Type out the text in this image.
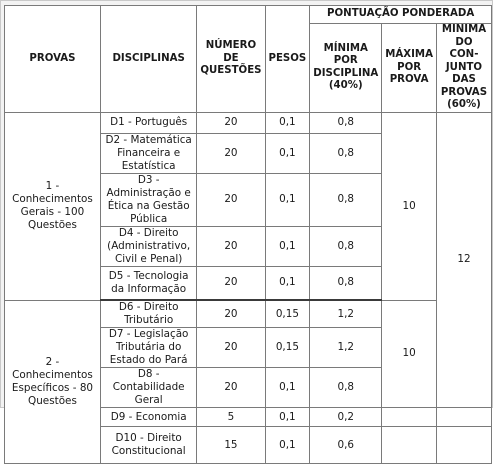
PROVAS	DISCIPLINAS	NÚMERO DE QUESTÕES	PESOS	PONTUAÇÃO PONDERADA		
				MÍNIMA POR DISCIPLINA (40%)	MÁXIMA POR PROVA	MÍNIMA DO CON-JUNTO DAS PROVAS (60%)
1 - Conhecimentos Gerais - 100 Questões	D1 - Português	20	0,1	0,8	10	12
	D2 - Matemática Financeira e Estatística	20	0,1	0,8		
	D3 - Administração e Ética na Gestão Pública	20	0,1	0,8		
	D4 - Direito (Administrativo, Civil e Penal)	20	0,1	0,8		
	D5 - Tecnologia da Informação	20	0,1	0,8		
2 - Conhecimentos Específicos - 80 Questões	D6 - Direito Tributário	20	0,15	1,2	10	
	D7 - Legislação Tributária do Estado do Pará	20	0,15	1,2		
	D8 - Contabilidade Geral	20	0,1	0,8		
	D9 - Economia	5	0,1	0,2		
	D10 - Direito Constitucional	15	0,1	0,6		
